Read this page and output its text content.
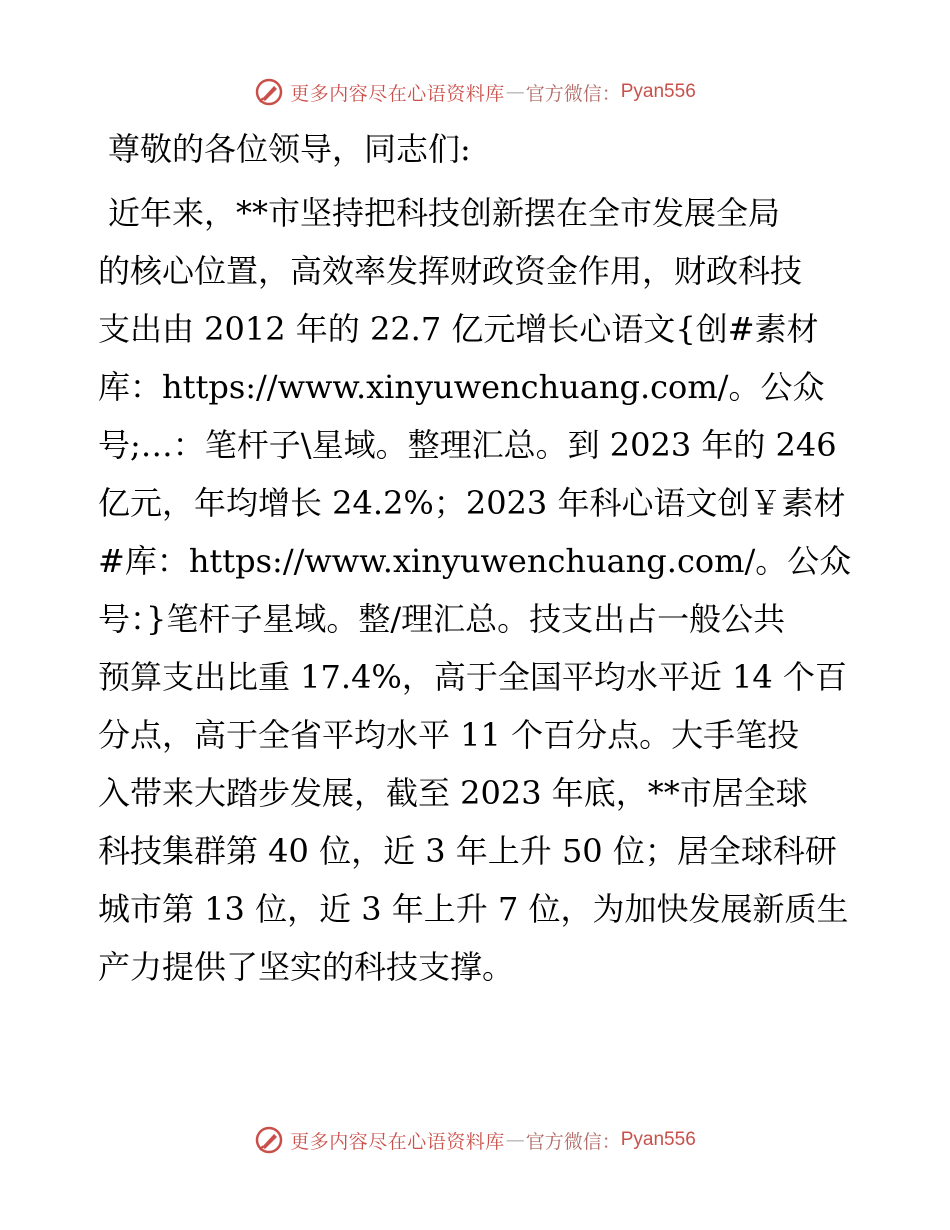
更多内容尽在心语资料库 — 官方微信： Pyan556

尊敬的各位领导，同志们:

近年来，**市坚持把科技创新摆在全市发展全局
的核心位置，高效率发挥财政资金作用，财政科技
支出由 2012 年的 22.7 亿元增长心语文{创#素材
库：https://www.xinyuwenchuang.com/。公众
号;…：笔杆子\星域。整理汇总。到 2023 年的 246
亿元，年均增长 24.2%；2023 年科心语文创￥素材
#库：https://www.xinyuwenchuang.com/。公众
号：}笔杆子星域。整/理汇总。技支出占一般公共
预算支出比重 17.4%，高于全国平均水平近 14 个百
分点，高于全省平均水平 11 个百分点。大手笔投
入带来大踏步发展，截至 2023 年底，**市居全球
科技集群第 40 位，近 3 年上升 50 位；居全球科研
城市第 13 位，近 3 年上升 7 位，为加快发展新质生
产力提供了坚实的科技支撑。

更多内容尽在心语资料库 — 官方微信： Pyan556
